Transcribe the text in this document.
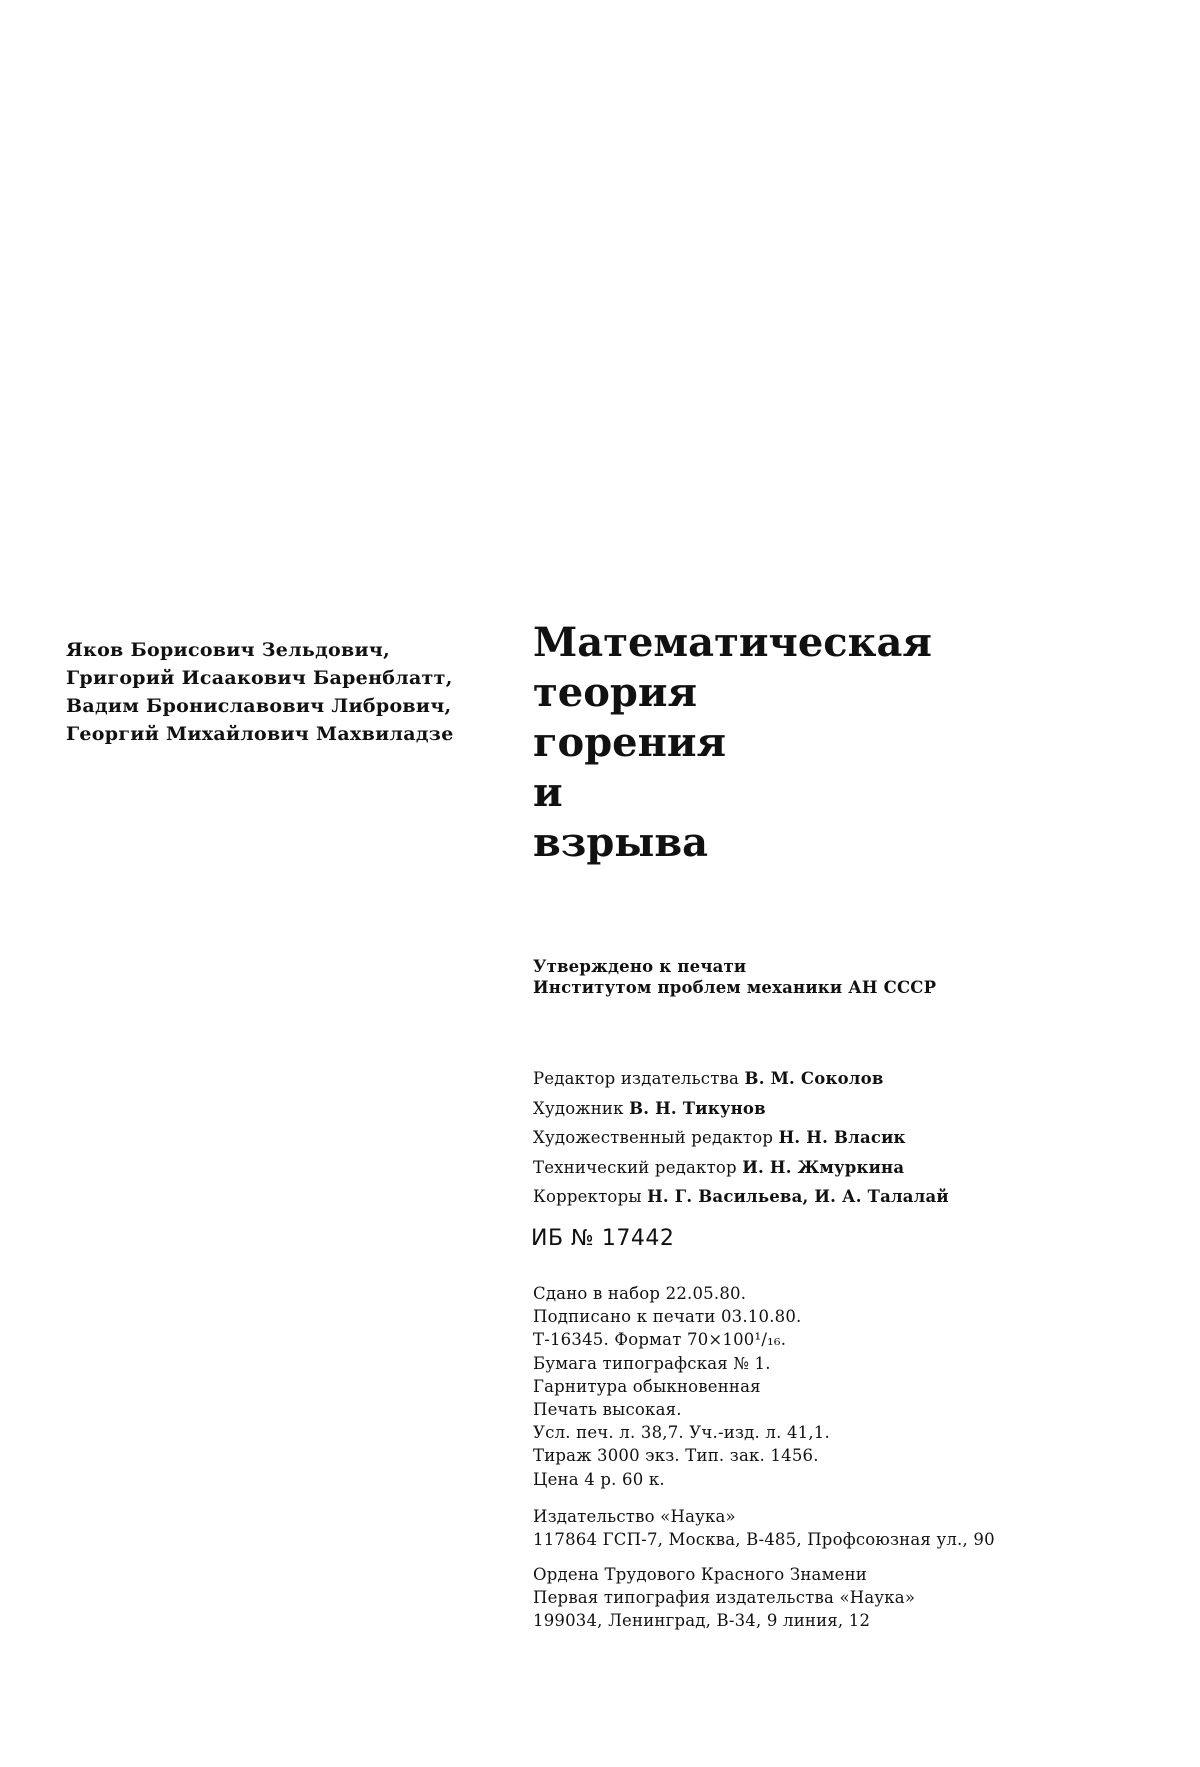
Яков Борисович Зельдович,
Григорий Исаакович Баренблатт,
Вадим Брониславович Либрович,
Георгий Михайлович Махвиладзе
Математическая
теория
горения
и
взрыва
Утверждено к печати
Институтом проблем механики АН СССР
Редактор издательства В. М. Соколов
Художник В. Н. Тикунов
Художественный редактор Н. Н. Власик
Технический редактор И. Н. Жмуркина
Корректоры Н. Г. Васильева, И. А. Талалай
ИБ № 17442
Сдано в набор 22.05.80.
Подписано к печати 03.10.80.
Т-16345. Формат 70×100¹/₁₆.
Бумага типографская № 1.
Гарнитура обыкновенная
Печать высокая.
Усл. печ. л. 38,7. Уч.-изд. л. 41,1.
Тираж 3000 экз. Тип. зак. 1456.
Цена 4 р. 60 к.
Издательство «Наука»
117864 ГСП-7, Москва, В-485, Профсоюзная ул., 90
Ордена Трудового Красного Знамени
Первая типография издательства «Наука»
199034, Ленинград, В-34, 9 линия, 12
